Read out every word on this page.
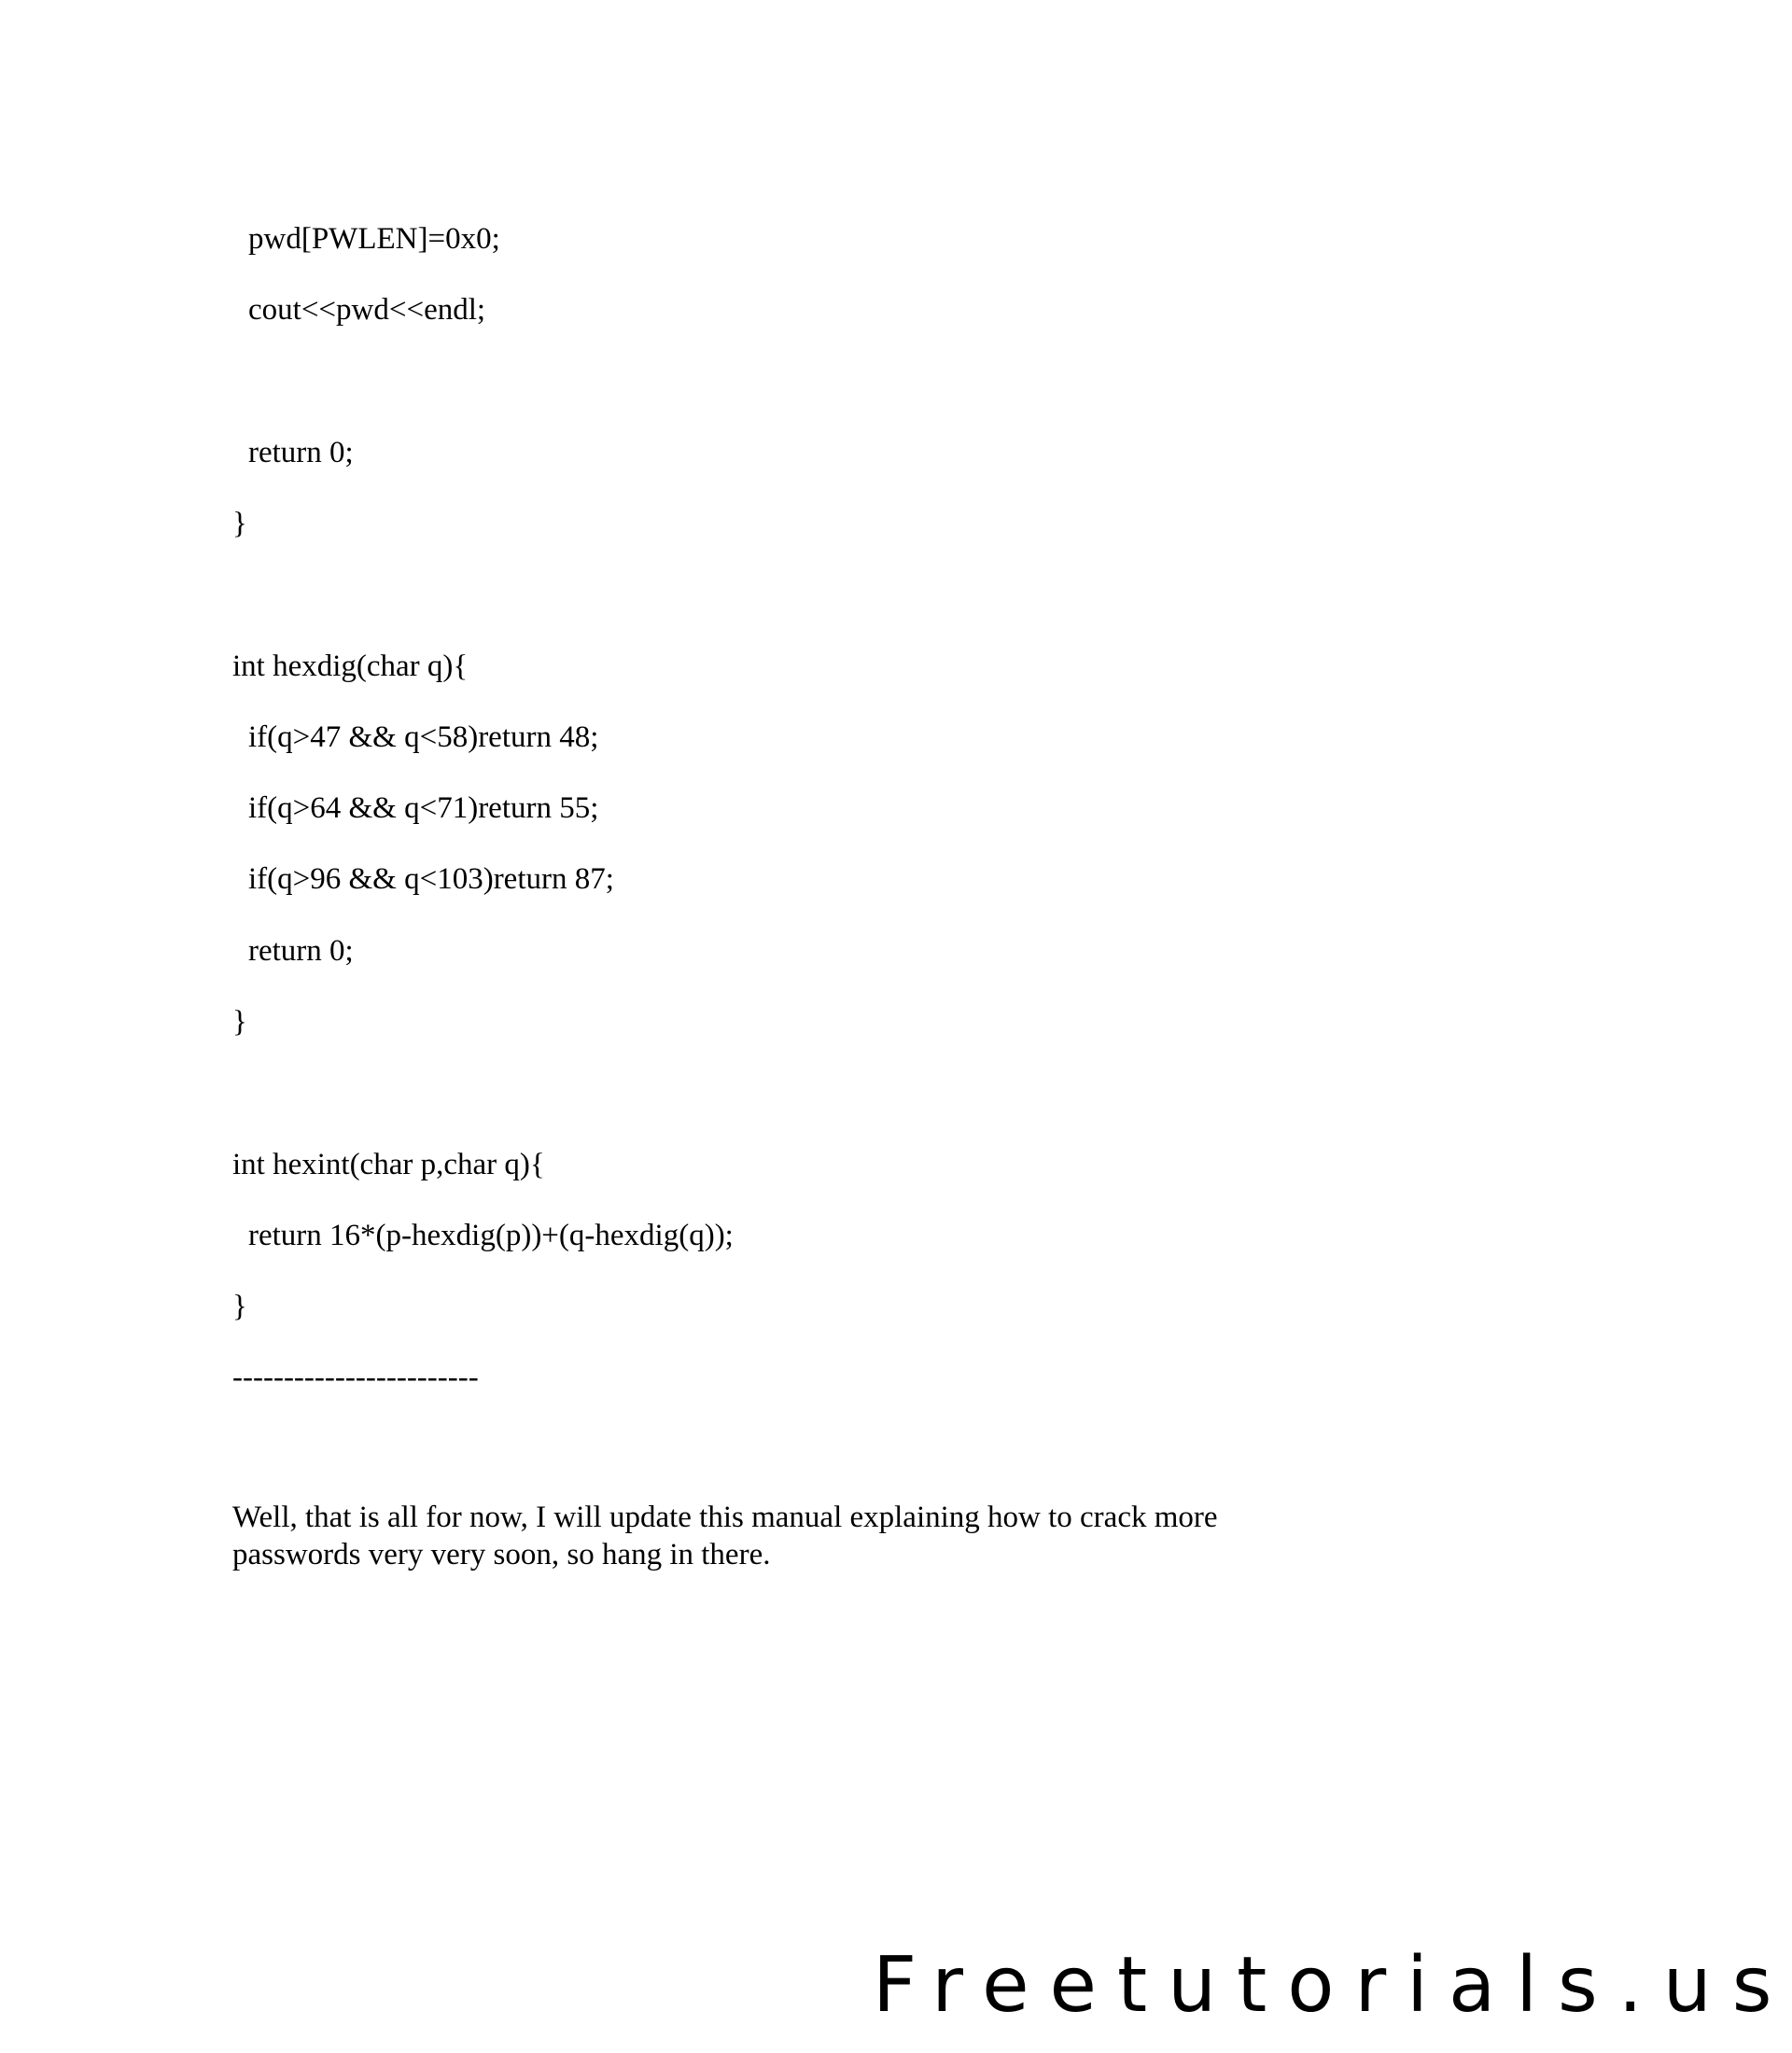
pwd[PWLEN]=0x0;
cout<<pwd<<endl;
return 0;
}
int hexdig(char q){
if(q>47 && q<58)return 48;
if(q>64 && q<71)return 55;
if(q>96 && q<103)return 87;
return 0;
}
int hexint(char p,char q){
return 16*(p-hexdig(p))+(q-hexdig(q));
}
------------------------
Well, that is all for now, I will update this manual explaining how to crack more
passwords very very soon, so hang in there.
Freetutorials.us
